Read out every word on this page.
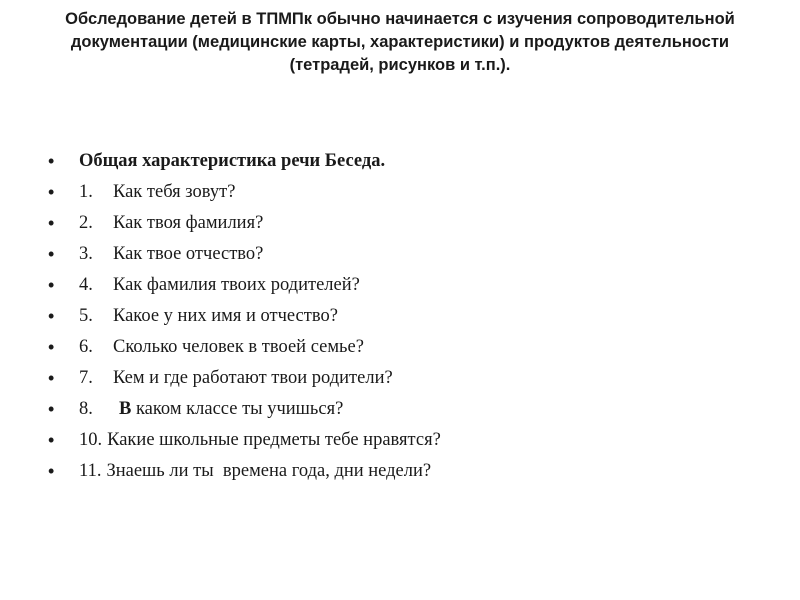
Обследование детей в ТПМПк обычно начинается с изучения сопроводительной документации (медицинские карты, характеристики) и продуктов деятельности (тетрадей, рисунков и т.п.).

•	Общая характеристика речи Беседа.
•	1. Как тебя зовут?
•	2. Как твоя фамилия?
•	3. Как твое отчество?
•	4. Как фамилия твоих родителей?
•	5. Какое у них имя и отчество?
•	6. Сколько человек в твоей семье?
•	7. Кем и где работают твои родители?
•	8. В каком классе ты учишься?
•	10. Какие школьные предметы тебе нравятся?
•	11. Знаешь ли ты  времена года, дни недели?
